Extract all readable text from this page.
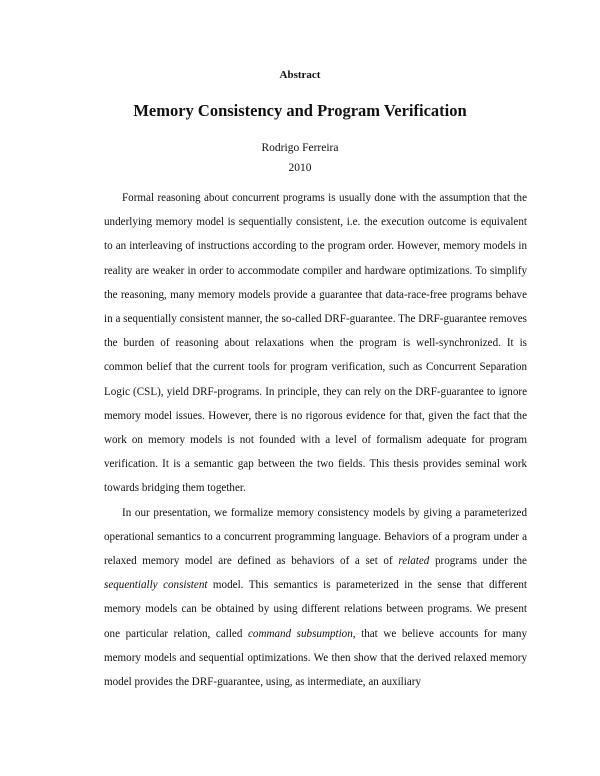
Abstract

Memory Consistency and Program Verification

Rodrigo Ferreira

2010

Formal reasoning about concurrent programs is usually done with the assumption that the underlying memory model is sequentially consistent, i.e. the execution outcome is equivalent to an interleaving of instructions according to the program order. However, memory models in reality are weaker in order to accommodate compiler and hardware optimizations. To simplify the reasoning, many memory models provide a guarantee that data-race-free programs behave in a sequentially consistent manner, the so-called DRF-guarantee. The DRF-guarantee removes the burden of reasoning about relaxations when the program is well-synchronized. It is common belief that the current tools for program verification, such as Concurrent Separation Logic (CSL), yield DRF-programs. In principle, they can rely on the DRF-guarantee to ignore memory model issues. However, there is no rigorous evidence for that, given the fact that the work on memory models is not founded with a level of formalism adequate for program verification. It is a semantic gap between the two fields. This thesis provides seminal work towards bridging them together.

In our presentation, we formalize memory consistency models by giving a parameterized operational semantics to a concurrent programming language. Behaviors of a program under a relaxed memory model are defined as behaviors of a set of related programs under the sequentially consistent model. This semantics is parameterized in the sense that different memory models can be obtained by using different relations between programs. We present one particular relation, called command subsumption, that we believe accounts for many memory models and sequential optimizations. We then show that the derived relaxed memory model provides the DRF-guarantee, using, as intermediate, an auxiliary
